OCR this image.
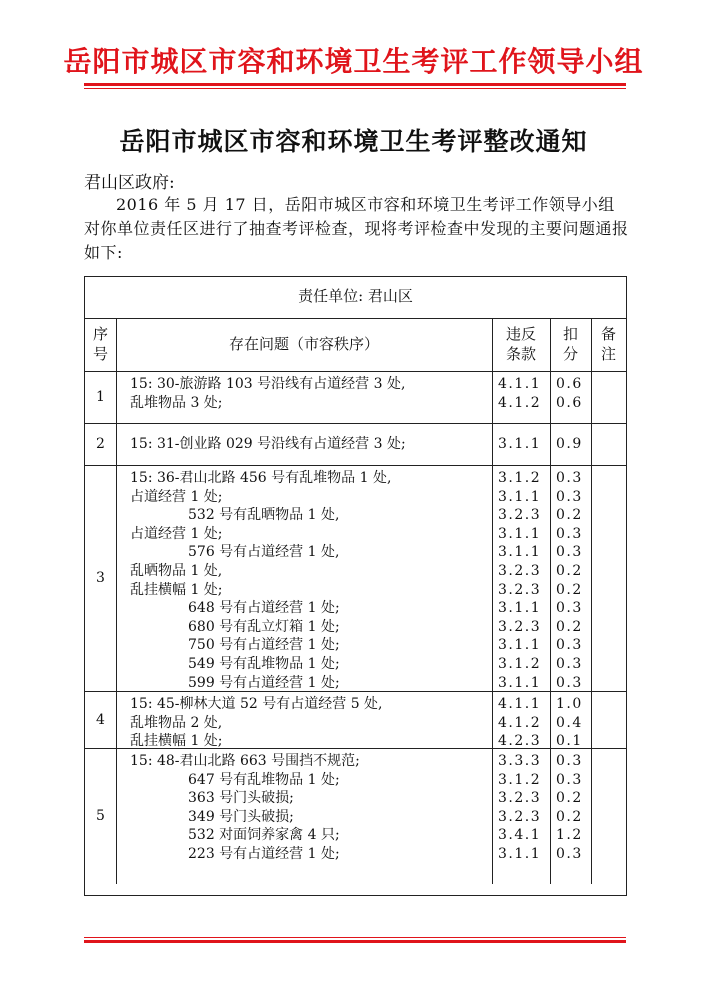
岳阳市城区市容和环境卫生考评工作领导小组
岳阳市城区市容和环境卫生考评整改通知
君山区政府:
2016 年 5 月 17 日，岳阳市城区市容和环境卫生考评工作领导小组对你单位责任区进行了抽查考评检查，现将考评检查中发现的主要问题通报如下:
责任单位: 君山区
序
号
存在问题（市容秩序）
违反
条款
扣
分
备
注
1
15: 30-旅游路 103 号沿线有占道经营 3 处,	4.1.1 0.6
乱堆物品 3 处;	4.1.2 0.6
2	15: 31-创业路 029 号沿线有占道经营 3 处;	3.1.1 0.9
3
15: 36-君山北路 456 号有乱堆物品 1 处,	3.1.2 0.3
占道经营 1 处;	3.1.1 0.3
532 号有乱晒物品 1 处,	3.2.3 0.2
占道经营 1 处;	3.1.1 0.3
576 号有占道经营 1 处,	3.1.1 0.3
乱晒物品 1 处,	3.2.3 0.2
乱挂横幅 1 处;	3.2.3 0.2
648 号有占道经营 1 处;	3.1.1 0.3
680 号有乱立灯箱 1 处;	3.2.3 0.2
750 号有占道经营 1 处;	3.1.1 0.3
549 号有乱堆物品 1 处;	3.1.2 0.3
599 号有占道经营 1 处;	3.1.1 0.3
4
15: 45-柳林大道 52 号有占道经营 5 处,	4.1.1 1.0
乱堆物品 2 处,	4.1.2 0.4
乱挂横幅 1 处;	4.2.3 0.1
5
15: 48-君山北路 663 号围挡不规范;	3.3.3 0.3
647 号有乱堆物品 1 处;	3.1.2 0.3
363 号门头破损;	3.2.3 0.2
349 号门头破损;	3.2.3 0.2
532 对面饲养家禽 4 只;	3.4.1 1.2
223 号有占道经营 1 处;	3.1.1 0.3
